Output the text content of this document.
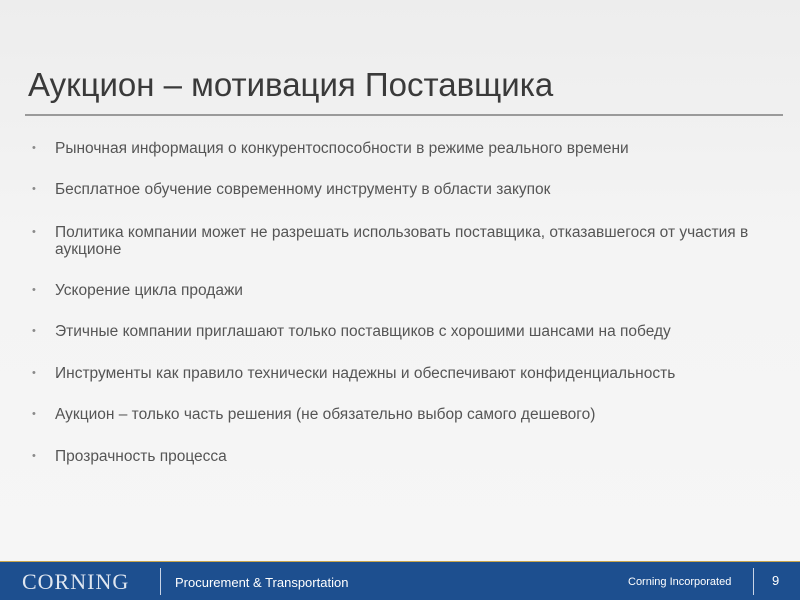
Аукцион – мотивация Поставщика
•	Рыночная информация о конкурентоспособности в режиме реального времени
•	Бесплатное обучение современному инструменту в области закупок
•	Политика компании может не разрешать использовать поставщика, отказавшегося от участия в аукционе
•	Ускорение цикла продажи
•	Этичные компании приглашают только поставщиков с хорошими шансами на победу
•	Инструменты как правило технически надежны и обеспечивают конфиденциальность
•	Аукцион – только часть решения (не обязательно выбор самого дешевого)
•	Прозрачность процесса
CORNING	Procurement & Transportation	Corning Incorporated	9
